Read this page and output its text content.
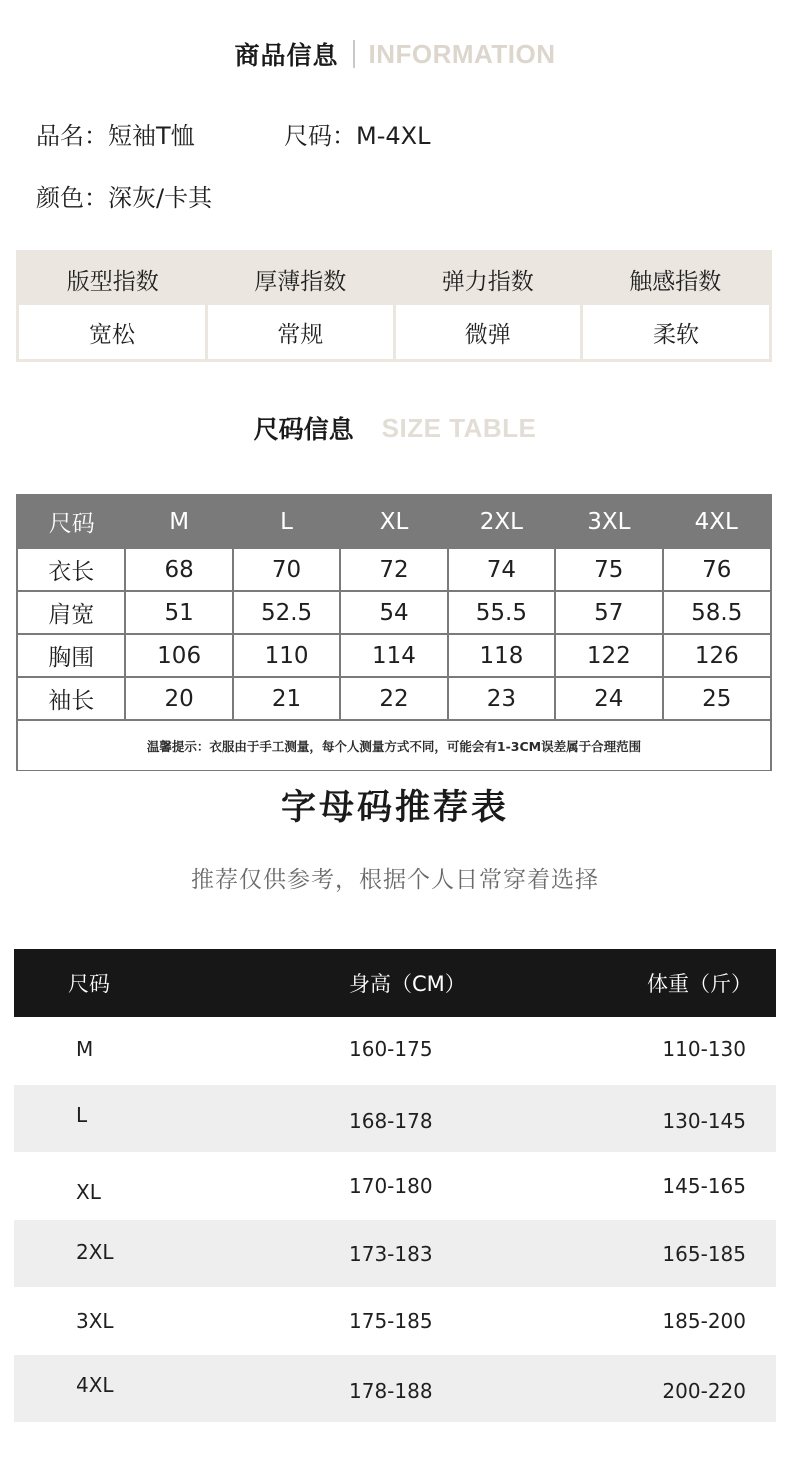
商品信息 INFORMATION
品名：短袖T恤	尺码：M-4XL
颜色：深灰/卡其
版型指数	厚薄指数	弹力指数	触感指数
宽松	常规	微弹	柔软
尺码信息 SIZE TABLE
尺码	M	L	XL	2XL	3XL	4XL
衣长	68	70	72	74	75	76
肩宽	51	52.5	54	55.5	57	58.5
胸围	106	110	114	118	122	126
袖长	20	21	22	23	24	25
温馨提示：衣服由于手工测量，每个人测量方式不同，可能会有1-3CM误差属于合理范围						
字母码推荐表
推荐仅供参考，根据个人日常穿着选择
尺码	身高（CM）	体重（斤）
M	160-175	110-130
L	168-178	130-145
XL	170-180	145-165
2XL	173-183	165-185
3XL	175-185	185-200
4XL	178-188	200-220
